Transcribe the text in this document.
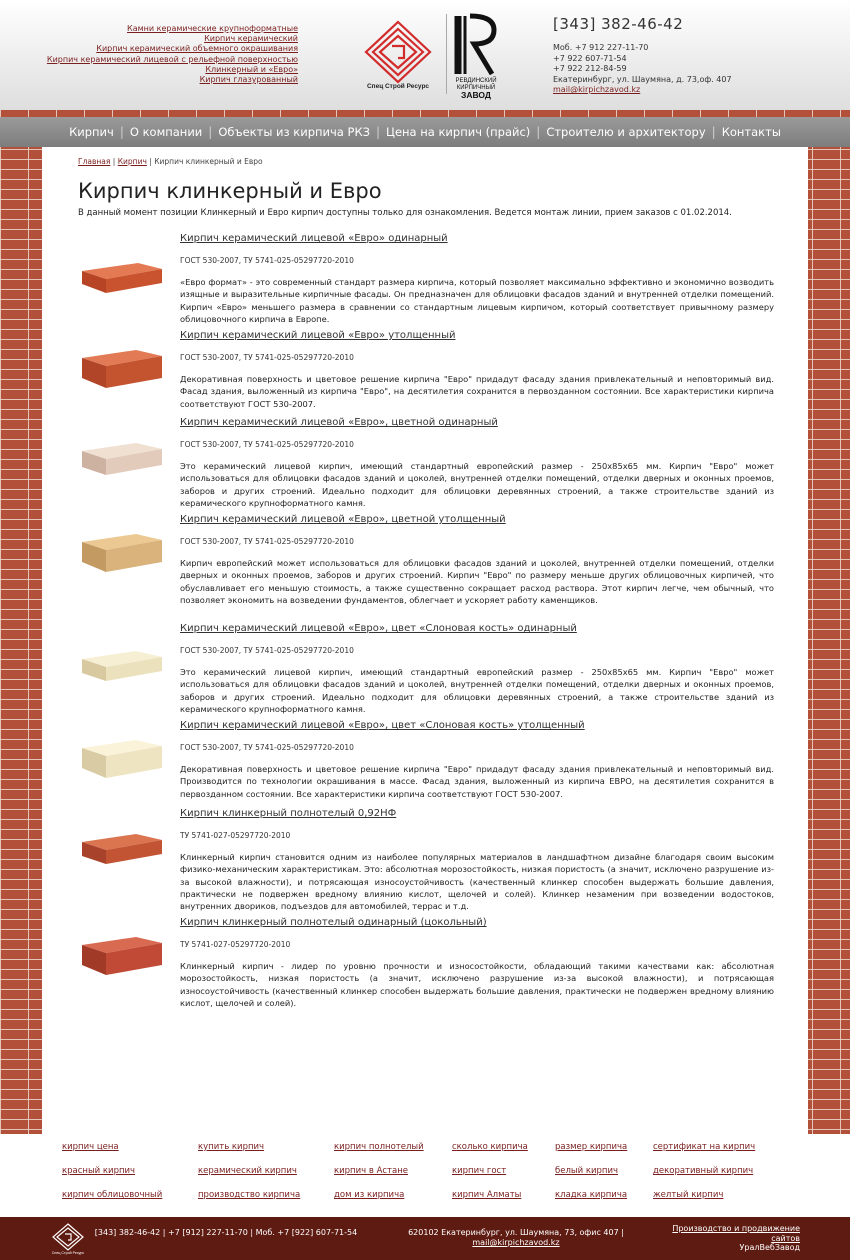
Камни керамические крупноформатные
Кирпич керамический
Кирпич керамический объемного окрашивания
Кирпич керамический лицевой с рельефной поверхностью
Клинкерный и «Евро»
Кирпич глазурованный
Спец Строй Ресурс
РЕВДИНСКИЙ
КИРПИЧНЫЙ
ЗАВОД
[343] 382-46-42
Моб. +7 912 227-11-70
+7 922 607-71-54
+7 922 212-84-59
Екатеринбург, ул. Шаумяна, д. 73,оф. 407
mail@kirpichzavod.kz
Кирпич | О компании | Объекты из кирпича РКЗ | Цена на кирпич (прайс) | Строителю и архитектору | Контакты
Главная | Кирпич | Кирпич клинкерный и Евро
Кирпич клинкерный и Евро
В данный момент позиции Клинкерный и Евро кирпич доступны только для ознакомления. Ведется монтаж линии, прием заказов с 01.02.2014.
Кирпич керамический лицевой «Евро» одинарный
ГОСТ 530-2007, ТУ 5741-025-05297720-2010
«Евро формат» - это современный стандарт размера кирпича, который позволяет максимально эффективно и экономично возводить изящные и выразительные кирпичные фасады. Он предназначен для облицовки фасадов зданий и внутренней отделки помещений. Кирпич «Евро» меньшего размера в сравнении со стандартным лицевым кирпичом, который соответствует привычному размеру облицовочного кирпича в Европе.
Кирпич керамический лицевой «Евро» утолщенный
ГОСТ 530-2007, ТУ 5741-025-05297720-2010
Декоративная поверхность и цветовое решение кирпича "Евро" придадут фасаду здания привлекательный и неповторимый вид. Фасад здания, выложенный из кирпича "Евро", на десятилетия сохранится в первозданном состоянии. Все характеристики кирпича соответствуют ГОСТ 530-2007.
Кирпич керамический лицевой «Евро», цветной одинарный
ГОСТ 530-2007, ТУ 5741-025-05297720-2010
Это керамический лицевой кирпич, имеющий стандартный европейский размер - 250х85х65 мм. Кирпич "Евро" может использоваться для облицовки фасадов зданий и цоколей, внутренней отделки помещений, отделки дверных и оконных проемов, заборов и других строений. Идеально подходит для облицовки деревянных строений, а также строительстве зданий из керамического крупноформатного камня.
Кирпич керамический лицевой «Евро», цветной утолщенный
ГОСТ 530-2007, ТУ 5741-025-05297720-2010
Кирпич европейский может использоваться для облицовки фасадов зданий и цоколей, внутренней отделки помещений, отделки дверных и оконных проемов, заборов и других строений. Кирпич "Евро" по размеру меньше других облицовочных кирпичей, что обуславливает его меньшую стоимость, а также существенно сокращает расход раствора. Этот кирпич легче, чем обычный, что позволяет экономить на возведении фундаментов, облегчает и ускоряет работу каменщиков.
Кирпич керамический лицевой «Евро», цвет «Слоновая кость» одинарный
ГОСТ 530-2007, ТУ 5741-025-05297720-2010
Это керамический лицевой кирпич, имеющий стандартный европейский размер - 250х85х65 мм. Кирпич "Евро" может использоваться для облицовки фасадов зданий и цоколей, внутренней отделки помещений, отделки дверных и оконных проемов, заборов и других строений. Идеально подходит для облицовки деревянных строений, а также строительстве зданий из керамического крупноформатного камня.
Кирпич керамический лицевой «Евро», цвет «Слоновая кость» утолщенный
ГОСТ 530-2007, ТУ 5741-025-05297720-2010
Декоративная поверхность и цветовое решение кирпича "Евро" придадут фасаду здания привлекательный и неповторимый вид. Производится по технологии окрашивания в массе. Фасад здания, выложенный из кирпича ЕВРО, на десятилетия сохранится в первозданном состоянии. Все характеристики кирпича соответствуют ГОСТ 530-2007.
Кирпич клинкерный полнотелый 0,92НФ
ТУ 5741-027-05297720-2010
Клинкерный кирпич становится одним из наиболее популярных материалов в ландшафтном дизайне благодаря своим высоким физико-механическим характеристикам. Это: абсолютная морозостойкость, низкая пористость (а значит, исключено разрушение из-за высокой влажности), и потрясающая износоустойчивость (качественный клинкер способен выдержать большие давления, практически не подвержен вредному влиянию кислот, щелочей и солей). Клинкер незаменим при возведении водостоков, внутренних двориков, подъездов для автомобилей, террас и т.д.
Кирпич клинкерный полнотелый одинарный (цокольный)
ТУ 5741-027-05297720-2010
Клинкерный кирпич - лидер по уровню прочности и износостойкости, обладающий такими качествами как: абсолютная морозостойкость, низкая пористость (а значит, исключено разрушение из-за высокой влажности), и потрясающая износоустойчивость (качественный клинкер способен выдержать большие давления, практически не подвержен вредному влиянию кислот, щелочей и солей).
кирпич цена	купить кирпич	кирпич полнотелый	сколько кирпича	размер кирпича	сертификат на кирпич
красный кирпич	керамический кирпич	кирпич в Астане	кирпич гост	белый кирпич	декоративный кирпич
кирпич облицовочный	производство кирпича	дом из кирпича	кирпич Алматы	кладка кирпича	желтый кирпич
Спец Строй Ресурс
[343] 382-46-42 | +7 [912] 227-11-70 | Моб. +7 [922] 607-71-54	620102 Екатеринбург, ул. Шаумяна, 73, офис 407 |
mail@kirpichzavod.kz
Производство и продвижение
сайтов
УралВебЗавод
